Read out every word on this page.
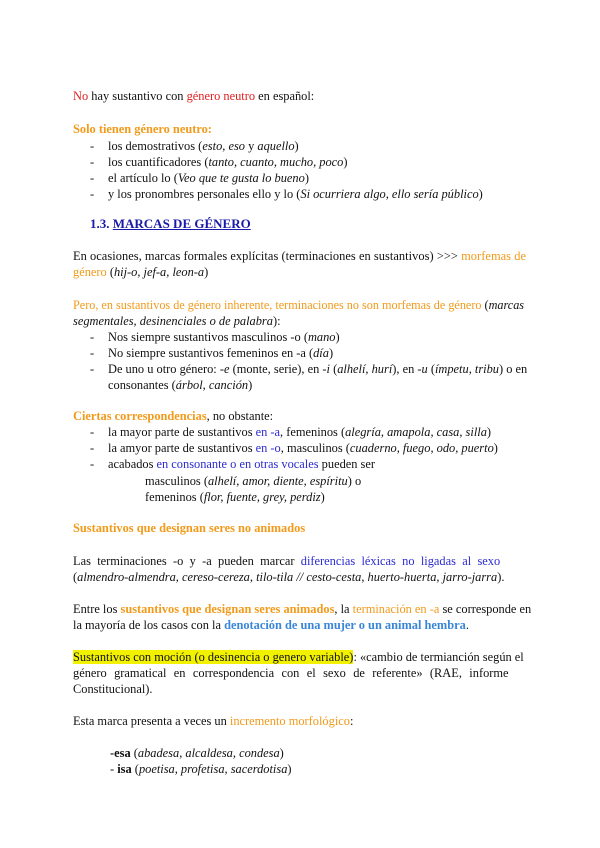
No hay sustantivo con género neutro en español:
Solo tienen género neutro:
- los demostrativos (esto, eso y aquello)
- los cuantificadores (tanto, cuanto, mucho, poco)
- el artículo lo (Veo que te gusta lo bueno)
- y los pronombres personales ello y lo (Si ocurriera algo, ello sería público)
1.3. MARCAS DE GÉNERO
En ocasiones, marcas formales explícitas (terminaciones en sustantivos) >>> morfemas de
género (hij-o, jef-a, leon-a)
Pero, en sustantivos de género inherente, terminaciones no son morfemas de género (marcas
segmentales, desinenciales o de palabra):
- Nos siempre sustantivos masculinos -o (mano)
- No siempre sustantivos femeninos en -a (día)
- De uno u otro género: -e (monte, serie), en -i (alhelí, hurí), en -u (ímpetu, tribu) o en
consonantes (árbol, canción)
Ciertas correspondencias, no obstante:
- la mayor parte de sustantivos en -a, femeninos (alegría, amapola, casa, silla)
- la amyor parte de sustantivos en -o, masculinos (cuaderno, fuego, odo, puerto)
- acabados en consonante o en otras vocales pueden ser
masculinos (alhelí, amor, diente, espíritu) o
femeninos (flor, fuente, grey, perdiz)
Sustantivos que designan seres no animados
Las terminaciones -o y -a pueden marcar diferencias léxicas no ligadas al sexo
(almendro-almendra, cereso-cereza, tilo-tila // cesto-cesta, huerto-huerta, jarro-jarra).
Entre los sustantivos que designan seres animados, la terminación en -a se corresponde en
la mayoría de los casos con la denotación de una mujer o un animal hembra.
Sustantivos con moción (o desinencia o genero variable): «cambio de termianción según el
género gramatical en correspondencia con el sexo de referente» (RAE, informe
Constitucional).
Esta marca presenta a veces un incremento morfológico:
-esa (abadesa, alcaldesa, condesa)
- isa (poetisa, profetisa, sacerdotisa)
